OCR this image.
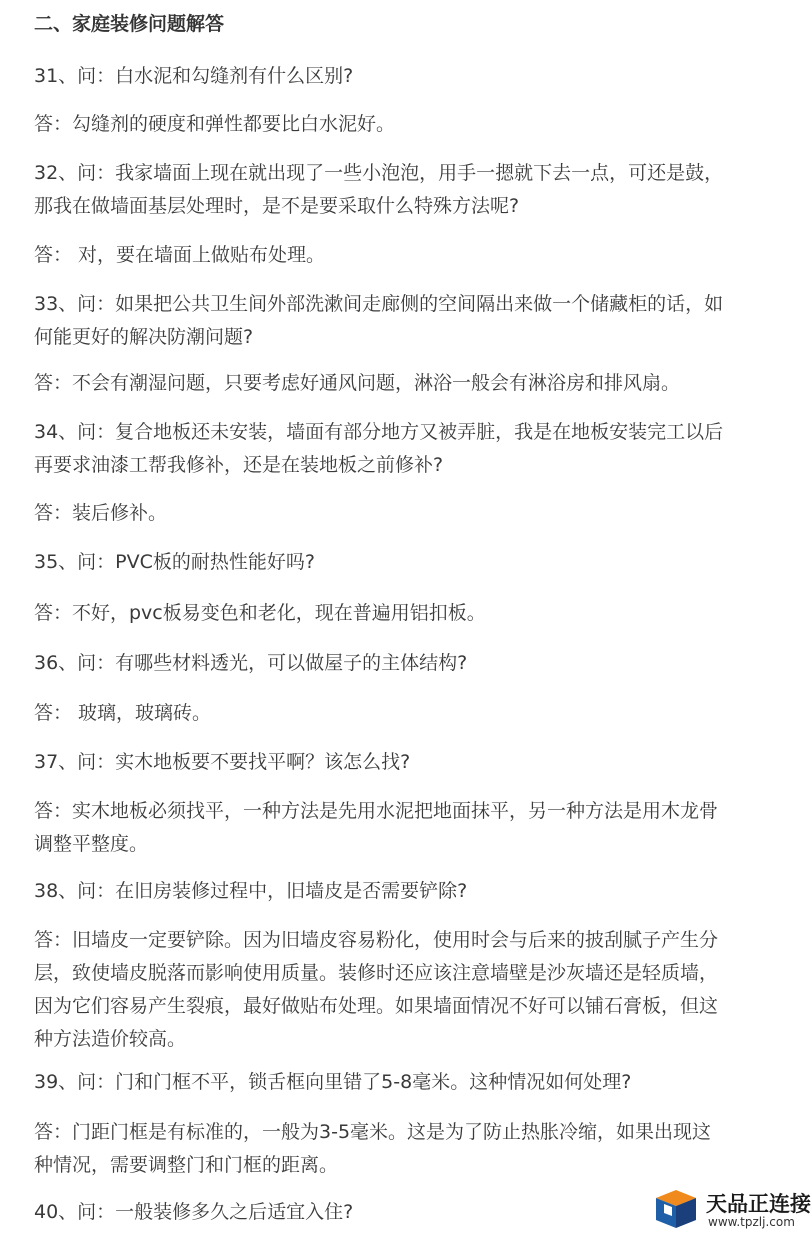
二、家庭装修问题解答
31、问：白水泥和勾缝剂有什么区别?
答：勾缝剂的硬度和弹性都要比白水泥好。
32、问：我家墙面上现在就出现了一些小泡泡，用手一摁就下去一点，可还是鼓，
那我在做墙面基层处理时，是不是要采取什么特殊方法呢?
答： 对，要在墙面上做贴布处理。
33、问：如果把公共卫生间外部洗漱间走廊侧的空间隔出来做一个储藏柜的话，如
何能更好的解决防潮问题?
答：不会有潮湿问题，只要考虑好通风问题，淋浴一般会有淋浴房和排风扇。
34、问：复合地板还未安装，墙面有部分地方又被弄脏，我是在地板安装完工以后
再要求油漆工帮我修补，还是在装地板之前修补?
答：装后修补。
35、问：PVC板的耐热性能好吗?
答：不好，pvc板易变色和老化，现在普遍用铝扣板。
36、问：有哪些材料透光，可以做屋子的主体结构?
答： 玻璃，玻璃砖。
37、问：实木地板要不要找平啊？该怎么找?
答：实木地板必须找平，一种方法是先用水泥把地面抹平，另一种方法是用木龙骨
调整平整度。
38、问：在旧房装修过程中，旧墙皮是否需要铲除?
答：旧墙皮一定要铲除。因为旧墙皮容易粉化，使用时会与后来的披刮腻子产生分
层，致使墙皮脱落而影响使用质量。装修时还应该注意墙壁是沙灰墙还是轻质墙，
因为它们容易产生裂痕，最好做贴布处理。如果墙面情况不好可以铺石膏板，但这
种方法造价较高。
39、问：门和门框不平，锁舌框向里错了5-8毫米。这种情况如何处理?
答：门距门框是有标准的，一般为3-5毫米。这是为了防止热胀冷缩，如果出现这
种情况，需要调整门和门框的距离。
40、问：一般装修多久之后适宜入住?	天品正连接
www.tpzlj.com
